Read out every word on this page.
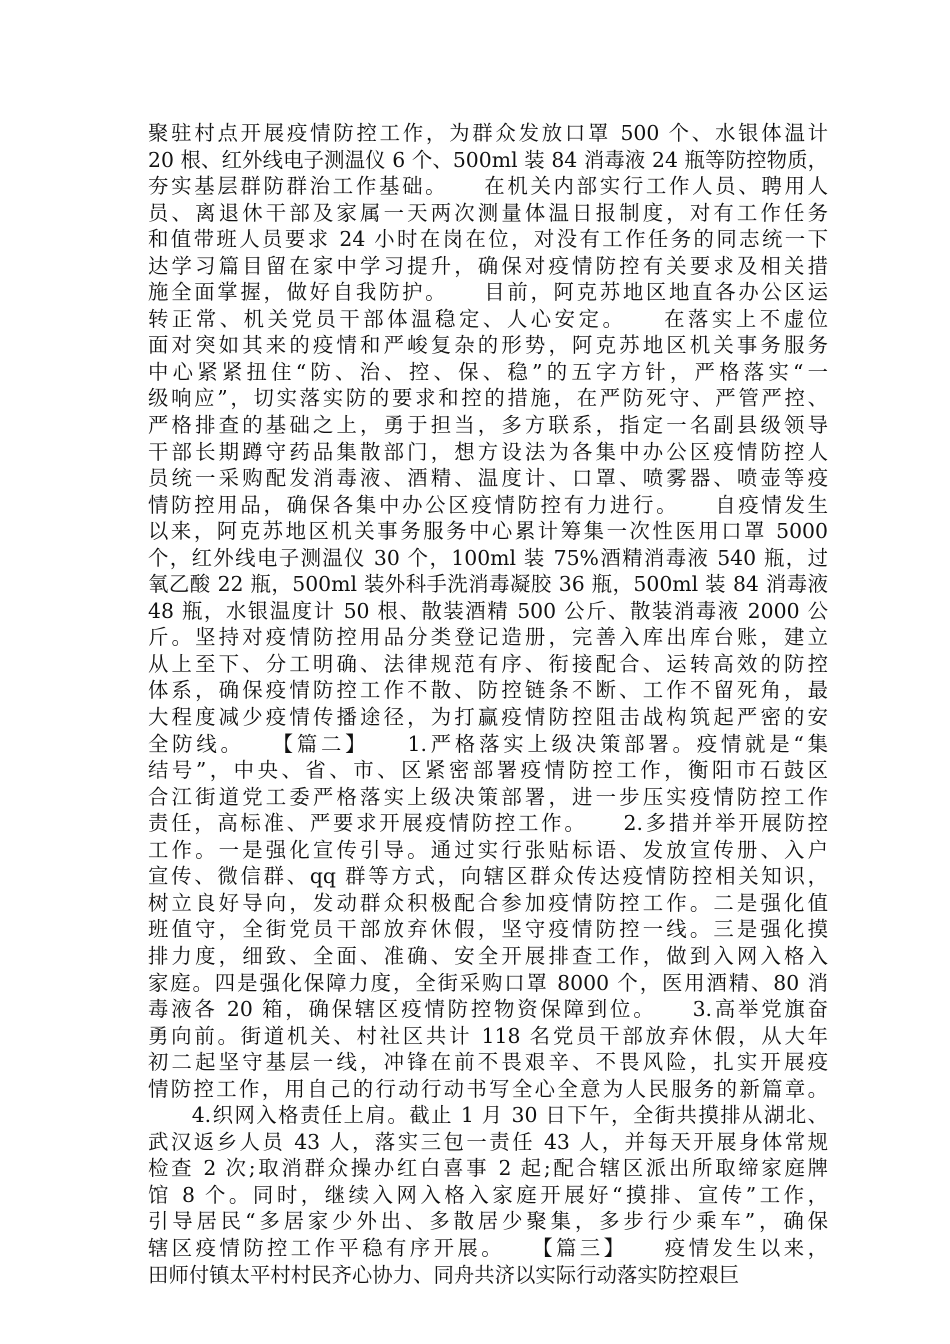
聚驻村点开展疫情防控工作，为群众发放口罩 500 个、水银体温计
20 根、红外线电子测温仪 6 个、500ml 装 84 消毒液 24 瓶等防控物质，
夯实基层群防群治工作基础。　　在机关内部实行工作人员、聘用人
员、离退休干部及家属一天两次测量体温日报制度，对有工作任务
和值带班人员要求 24 小时在岗在位，对没有工作任务的同志统一下
达学习篇目留在家中学习提升，确保对疫情防控有关要求及相关措
施全面掌握，做好自我防护。　　目前，阿克苏地区地直各办公区运
转正常、机关党员干部体温稳定、人心安定。　　在落实上不虚位
面对突如其来的疫情和严峻复杂的形势，阿克苏地区机关事务服务
中心紧紧扭住“防、治、控、保、稳”的五字方针，严格落实“一
级响应”，切实落实防的要求和控的措施，在严防死守、严管严控、
严格排查的基础之上，勇于担当，多方联系，指定一名副县级领导
干部长期蹲守药品集散部门，想方设法为各集中办公区疫情防控人
员统一采购配发消毒液、酒精、温度计、口罩、喷雾器、喷壶等疫
情防控用品，确保各集中办公区疫情防控有力进行。　　自疫情发生
以来，阿克苏地区机关事务服务中心累计筹集一次性医用口罩 5000
个，红外线电子测温仪 30 个，100ml 装 75%酒精消毒液 540 瓶，过
氧乙酸 22 瓶，500ml 装外科手洗消毒凝胶 36 瓶，500ml 装 84 消毒液
48 瓶，水银温度计 50 根、散装酒精 500 公斤、散装消毒液 2000 公
斤。坚持对疫情防控用品分类登记造册，完善入库出库台账，建立
从上至下、分工明确、法律规范有序、衔接配合、运转高效的防控
体系，确保疫情防控工作不散、防控链条不断、工作不留死角，最
大程度减少疫情传播途径，为打赢疫情防控阻击战构筑起严密的安
全防线。　　【篇二】　　1.严格落实上级决策部署。疫情就是“集
结号”，中央、省、市、区紧密部署疫情防控工作，衡阳市石鼓区
合江街道党工委严格落实上级决策部署，进一步压实疫情防控工作
责任，高标准、严要求开展疫情防控工作。　　2.多措并举开展防控
工作。一是强化宣传引导。通过实行张贴标语、发放宣传册、入户
宣传、微信群、qq 群等方式，向辖区群众传达疫情防控相关知识，
树立良好导向，发动群众积极配合参加疫情防控工作。二是强化值
班值守，全街党员干部放弃休假，坚守疫情防控一线。三是强化摸
排力度，细致、全面、准确、安全开展排查工作，做到入网入格入
家庭。四是强化保障力度，全街采购口罩 8000 个，医用酒精、80 消
毒液各 20 箱，确保辖区疫情防控物资保障到位。　　3.高举党旗奋
勇向前。街道机关、村社区共计 118 名党员干部放弃休假，从大年
初二起坚守基层一线，冲锋在前不畏艰辛、不畏风险，扎实开展疫
情防控工作，用自己的行动行动书写全心全意为人民服务的新篇章。
　　4.织网入格责任上肩。截止 1 月 30 日下午，全街共摸排从湖北、
武汉返乡人员 43 人，落实三包一责任 43 人，并每天开展身体常规
检查 2 次;取消群众操办红白喜事 2 起;配合辖区派出所取缔家庭牌
馆 8 个。同时，继续入网入格入家庭开展好“摸排、宣传”工作，
引导居民“多居家少外出、多散居少聚集，多步行少乘车”，确保
辖区疫情防控工作平稳有序开展。　　【篇三】　　疫情发生以来，
田师付镇太平村村民齐心协力、同舟共济以实际行动落实防控艰巨
